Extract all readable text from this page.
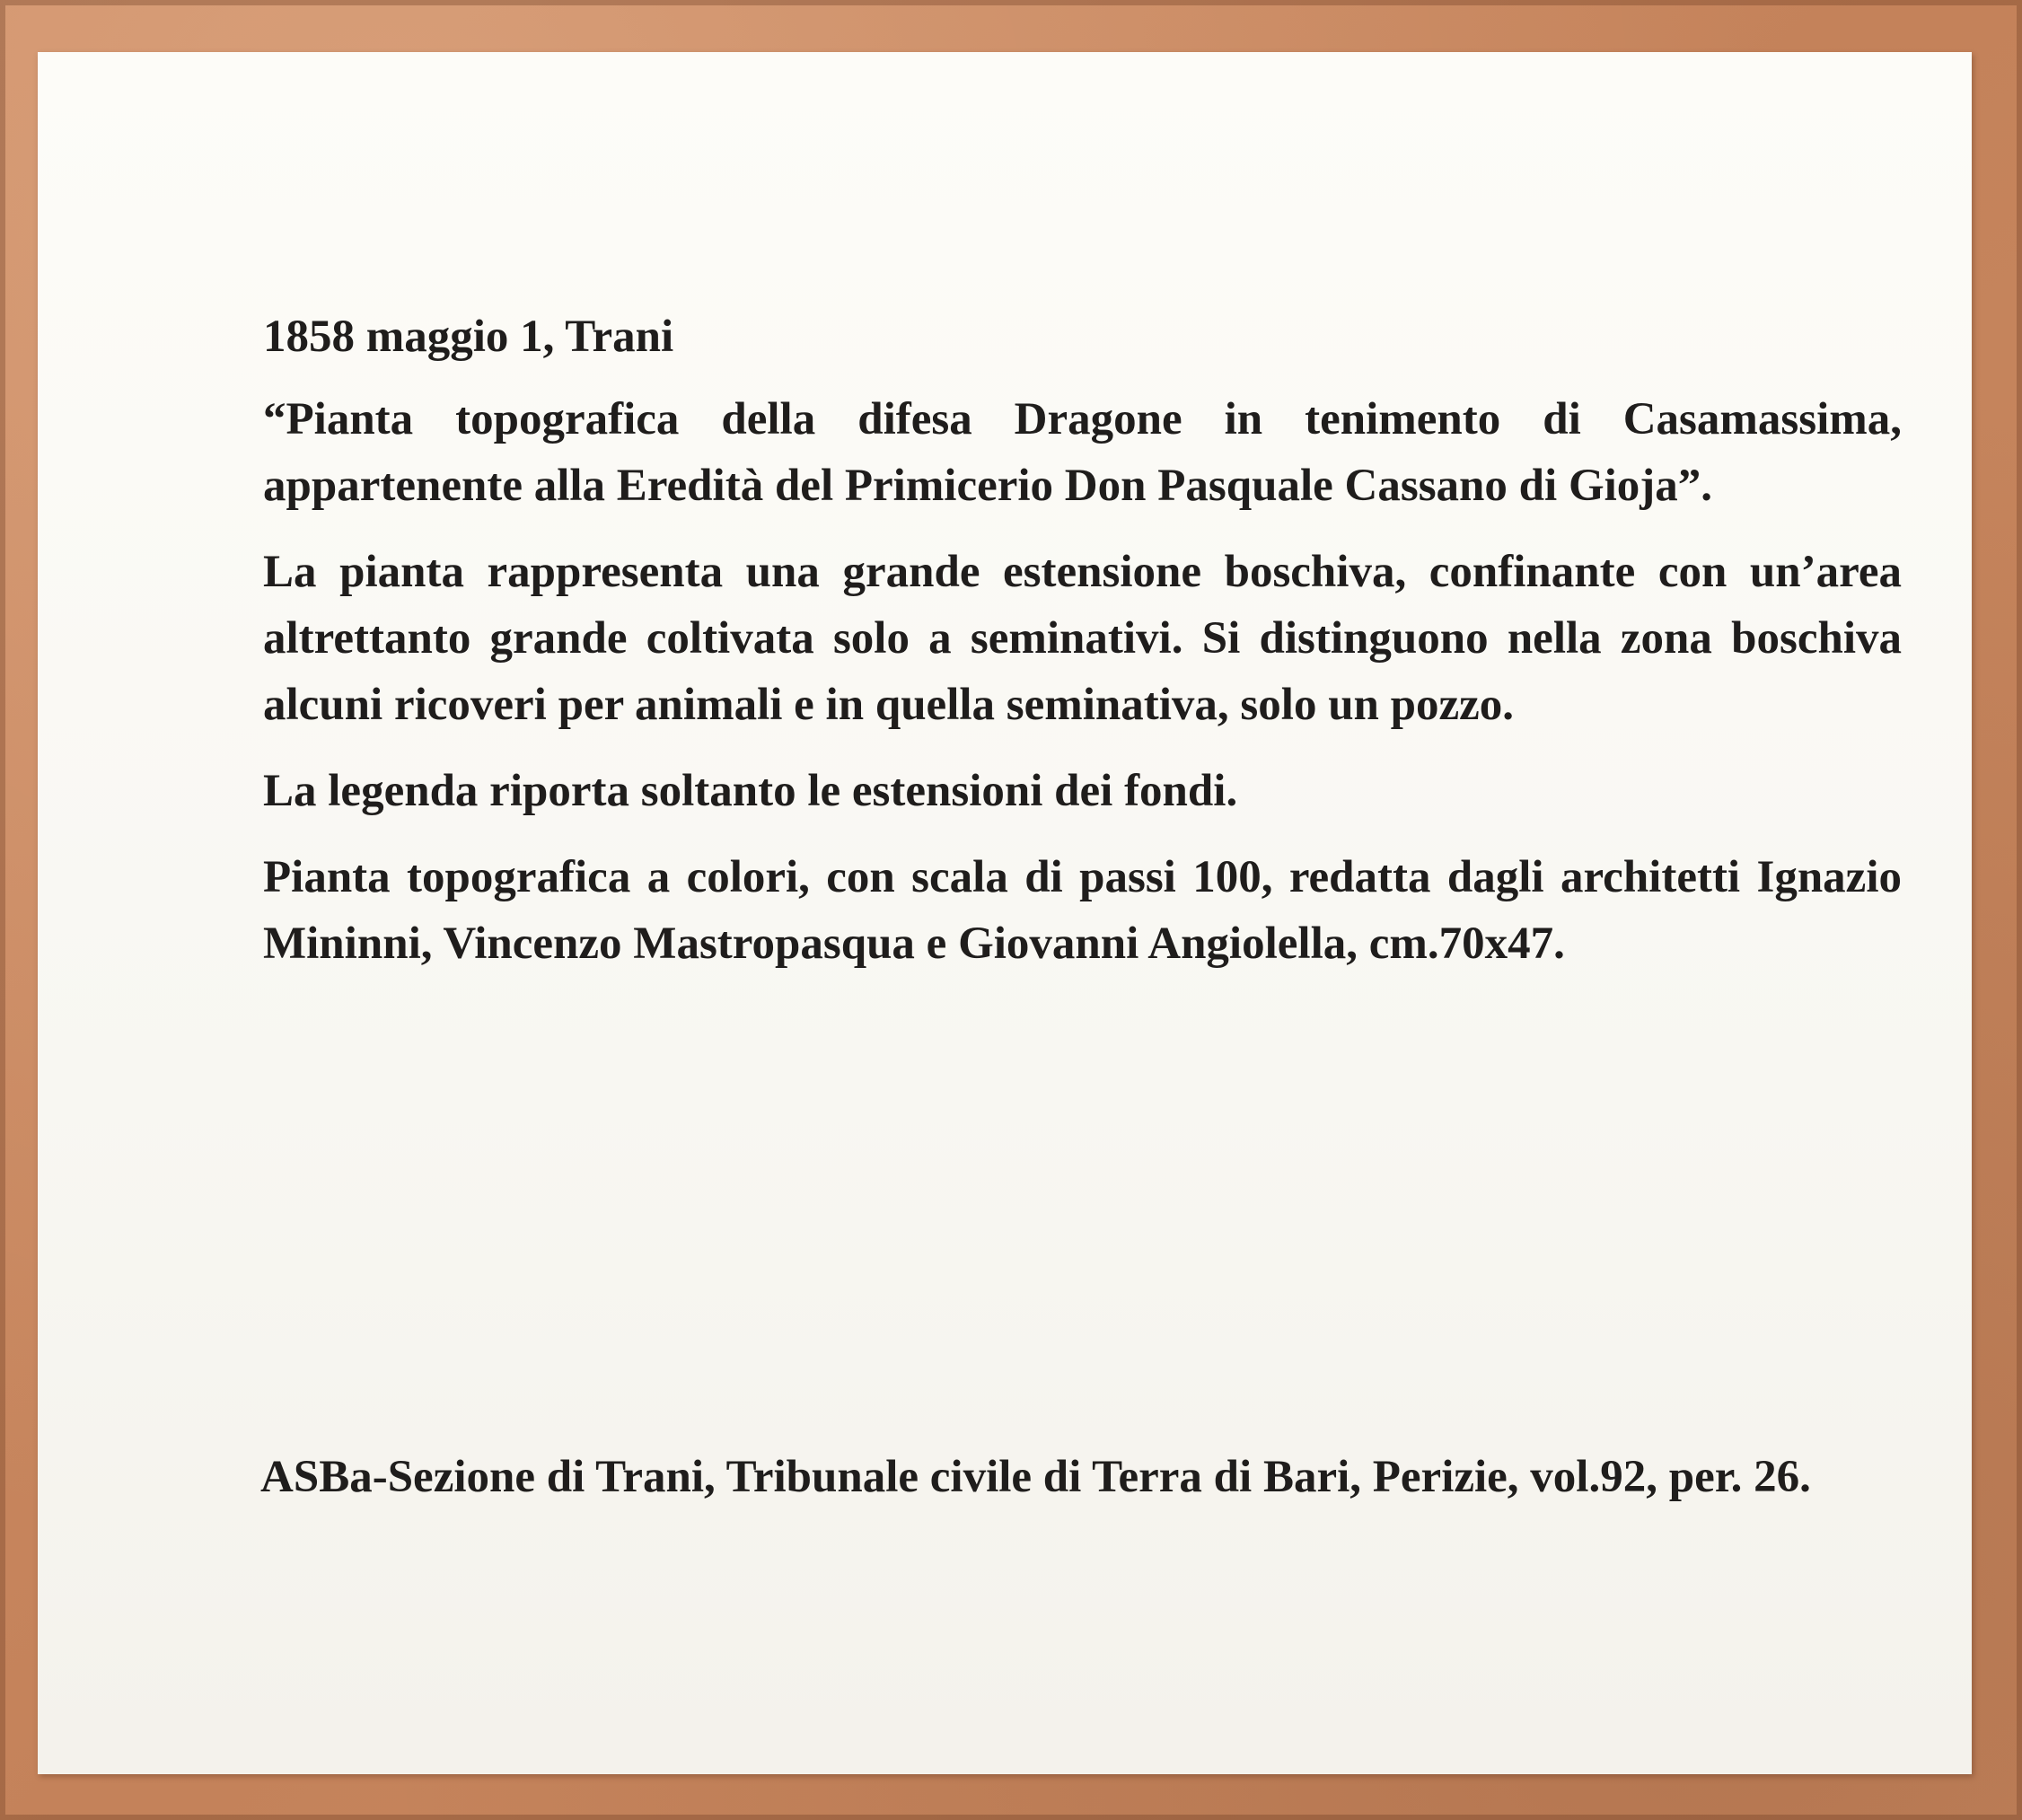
1858 maggio 1, Trani

“Pianta topografica della difesa Dragone in tenimento di Casamassima, appartenente alla Eredità del Primicerio Don Pasquale Cassano di Gioja”.

La pianta rappresenta una grande estensione boschiva, confinante con un’area altrettanto grande coltivata solo a seminativi. Si distinguono nella zona boschiva alcuni ricoveri per animali e in quella seminativa, solo un pozzo.

La legenda riporta soltanto le estensioni dei fondi.

Pianta topografica a colori, con scala di passi 100, redatta dagli architetti Ignazio Mininni, Vincenzo Mastropasqua e Giovanni Angiolella, cm.70x47.

ASBa-Sezione di Trani, Tribunale civile di Terra di Bari, Perizie, vol.92, per. 26.
